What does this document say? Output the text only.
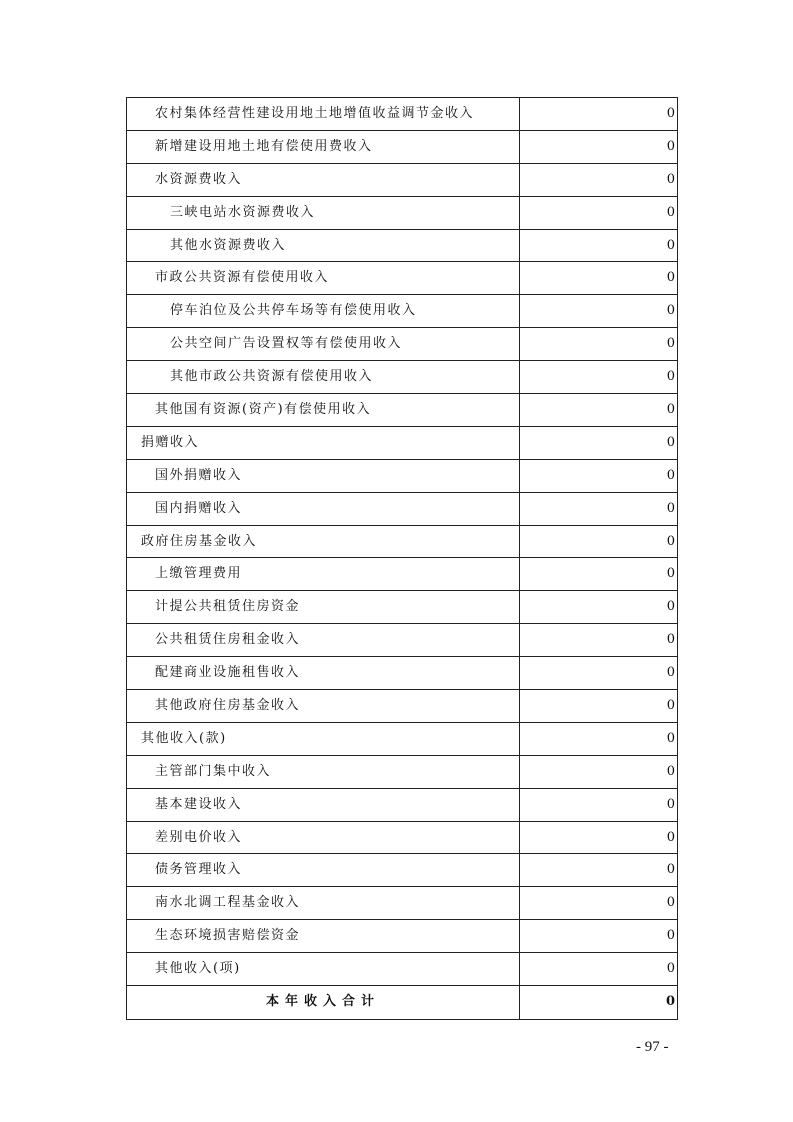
农村集体经营性建设用地土地增值收益调节金收入	0
新增建设用地土地有偿使用费收入	0
水资源费收入	0
三峡电站水资源费收入	0
其他水资源费收入	0
市政公共资源有偿使用收入	0
停车泊位及公共停车场等有偿使用收入	0
公共空间广告设置权等有偿使用收入	0
其他市政公共资源有偿使用收入	0
其他国有资源(资产)有偿使用收入	0
捐赠收入	0
国外捐赠收入	0
国内捐赠收入	0
政府住房基金收入	0
上缴管理费用	0
计提公共租赁住房资金	0
公共租赁住房租金收入	0
配建商业设施租售收入	0
其他政府住房基金收入	0
其他收入(款)	0
主管部门集中收入	0
基本建设收入	0
差别电价收入	0
债务管理收入	0
南水北调工程基金收入	0
生态环境损害赔偿资金	0
其他收入(项)	0
本年收入合计	0
- 97 -
